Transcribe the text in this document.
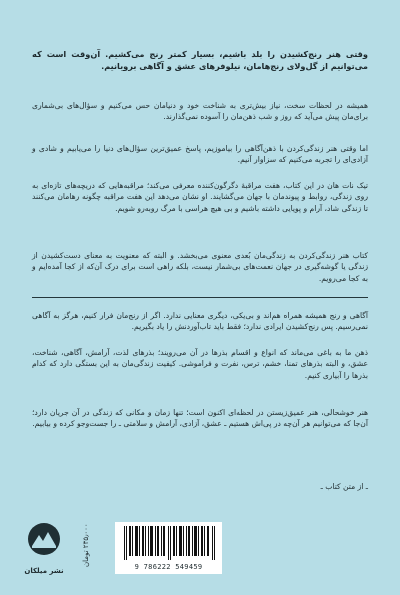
وقتی هنر رنج‌کشیدن را بلد باشیم، بسیار کمتر رنج می‌کشیم. آن‌وقت است که می‌توانیم از گل‌ولای رنج‌هامان، نیلوفرهای عشق و آگاهی برویانیم.

همیشه در لحظات سخت، نیاز بیش‌تری به شناخت خود و دنیامان حس می‌کنیم و سؤال‌های بی‌شماری برای‌مان پیش می‌آید که روز و شب ذهن‌مان را آسوده نمی‌گذارند.

اما وقتی هنر زندگی‌کردن با ذهن‌آگاهی را بیاموزیم، پاسخ عمیق‌ترین سؤال‌های دنیا را می‌یابیم و شادی و آزادی‌ای را تجربه می‌کنیم که سزاوار آنیم.

تیک نات هان در این کتاب، هفت مراقبهٔ دگرگون‌کننده معرفی می‌کند؛ مراقبه‌هایی که دریچه‌های تازه‌ای به روی زندگی، روابط و پیوندمان با جهان می‌گشایند. او نشان می‌دهد این هفت مراقبه چگونه رهامان می‌کنند تا زندگی شاد، آرام و پویایی داشته باشیم و بی هیچ هراسی با مرگ روبه‌رو شویم.

کتاب هنر زندگی‌کردن به زندگی‌مان بُعدی معنوی می‌بخشد. و البته که معنویت به معنای دست‌کشیدن از زندگی یا گوشه‌گیری در جهان نعمت‌های بی‌شمار نیست، بلکه راهی است برای درک آن‌که از کجا آمده‌ایم و به کجا می‌رویم.

آگاهی و رنج همیشه همراه هم‌اند و بی‌یکی، دیگری معنایی ندارد. اگر از رنج‌مان فرار کنیم، هرگز به آگاهی نمی‌رسیم. پس رنج‌کشیدن ایرادی ندارد؛ فقط باید تاب‌آوردنش را یاد بگیریم.

ذهن ما به باغی می‌ماند که انواع و اقسام بذرها در آن می‌رویند؛ بذرهای لذت، آرامش، آگاهی، شناخت، عشق، و البته بذرهای تمنا، خشم، ترس، نفرت و فراموشی. کیفیت زندگی‌مان به این بستگی دارد که کدام بذرها را آبیاری کنیم.

هنر خوشحالی، هنر عمیق‌زیستن در لحظه‌ای اکنون است؛ تنها زمان و مکانی که زندگی در آن جریان دارد؛ آن‌جا که می‌توانیم هر آن‌چه در پی‌اش هستیم ـ عشق، آزادی، آرامش و سلامتی ـ را جست‌وجو کرده و بیابیم.

ـ از متن کتاب ـ
۲۳۵٫۰۰۰ تومان
9 786222 549459
نشر میلکان
